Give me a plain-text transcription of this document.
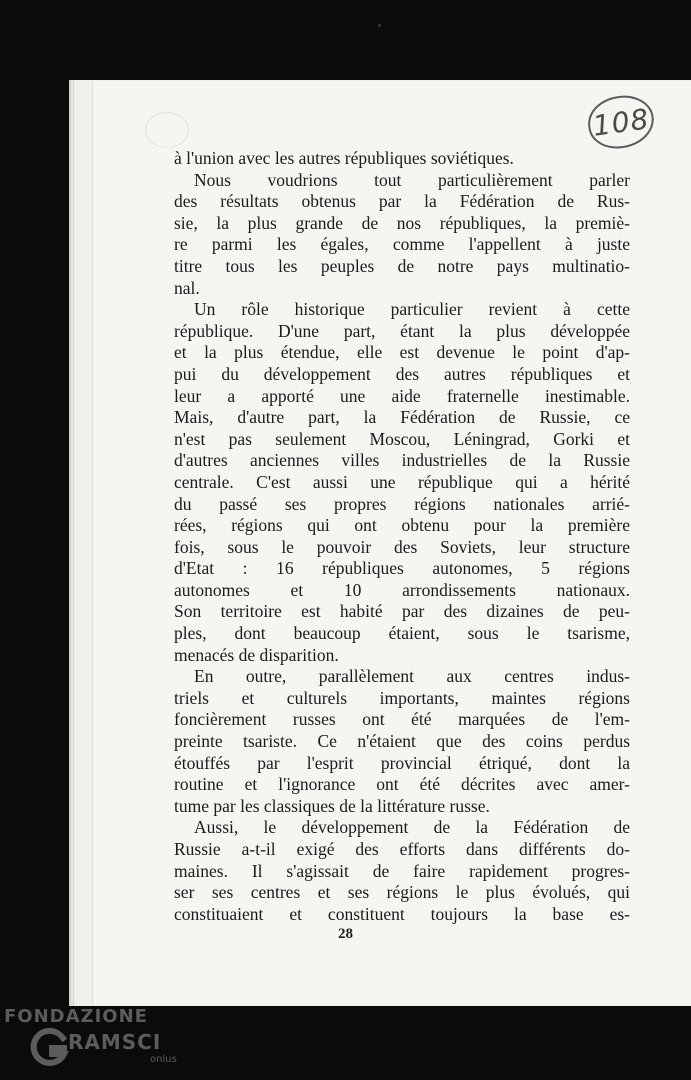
108
à l'union avec les autres républiques soviétiques.
Nous voudrions tout particulièrement parler
des résultats obtenus par la Fédération de Rus-
sie, la plus grande de nos républiques, la premiè-
re parmi les égales, comme l'appellent à juste
titre tous les peuples de notre pays multinatio-
nal.
Un rôle historique particulier revient à cette
république. D'une part, étant la plus développée
et la plus étendue, elle est devenue le point d'ap-
pui du développement des autres républiques et
leur a apporté une aide fraternelle inestimable.
Mais, d'autre part, la Fédération de Russie, ce
n'est pas seulement Moscou, Léningrad, Gorki et
d'autres anciennes villes industrielles de la Russie
centrale. C'est aussi une république qui a hérité
du passé ses propres régions nationales arrié-
rées, régions qui ont obtenu pour la première
fois, sous le pouvoir des Soviets, leur structure
d'Etat : 16 républiques autonomes, 5 régions
autonomes et 10 arrondissements nationaux.
Son territoire est habité par des dizaines de peu-
ples, dont beaucoup étaient, sous le tsarisme,
menacés de disparition.
En outre, parallèlement aux centres indus-
triels et culturels importants, maintes régions
foncièrement russes ont été marquées de l'em-
preinte tsariste. Ce n'étaient que des coins perdus
étouffés par l'esprit provincial étriqué, dont la
routine et l'ignorance ont été décrites avec amer-
tume par les classiques de la littérature russe.
Aussi, le développement de la Fédération de
Russie a-t-il exigé des efforts dans différents do-
maines. Il s'agissait de faire rapidement progres-
ser ses centres et ses régions le plus évolués, qui
constituaient et constituent toujours la base es-
28
FONDAZIONE
RAMSCI
onlus
